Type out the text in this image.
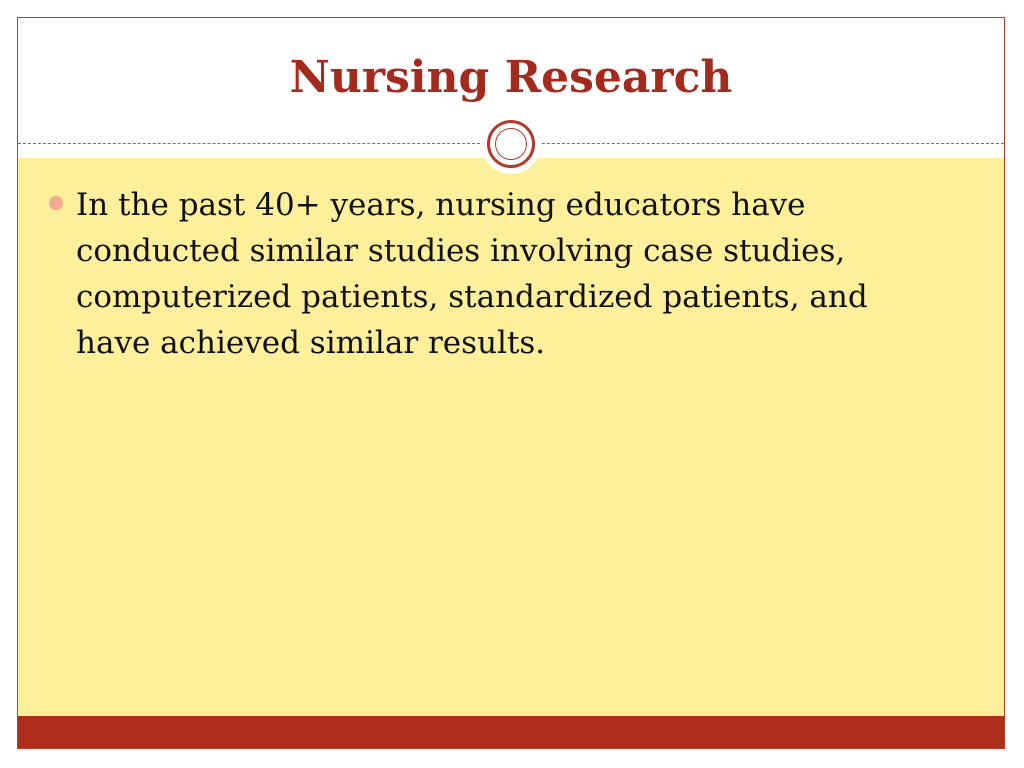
Nursing Research
In the past 40+ years, nursing educators have conducted similar studies involving case studies, computerized patients, standardized patients, and have achieved similar results.
